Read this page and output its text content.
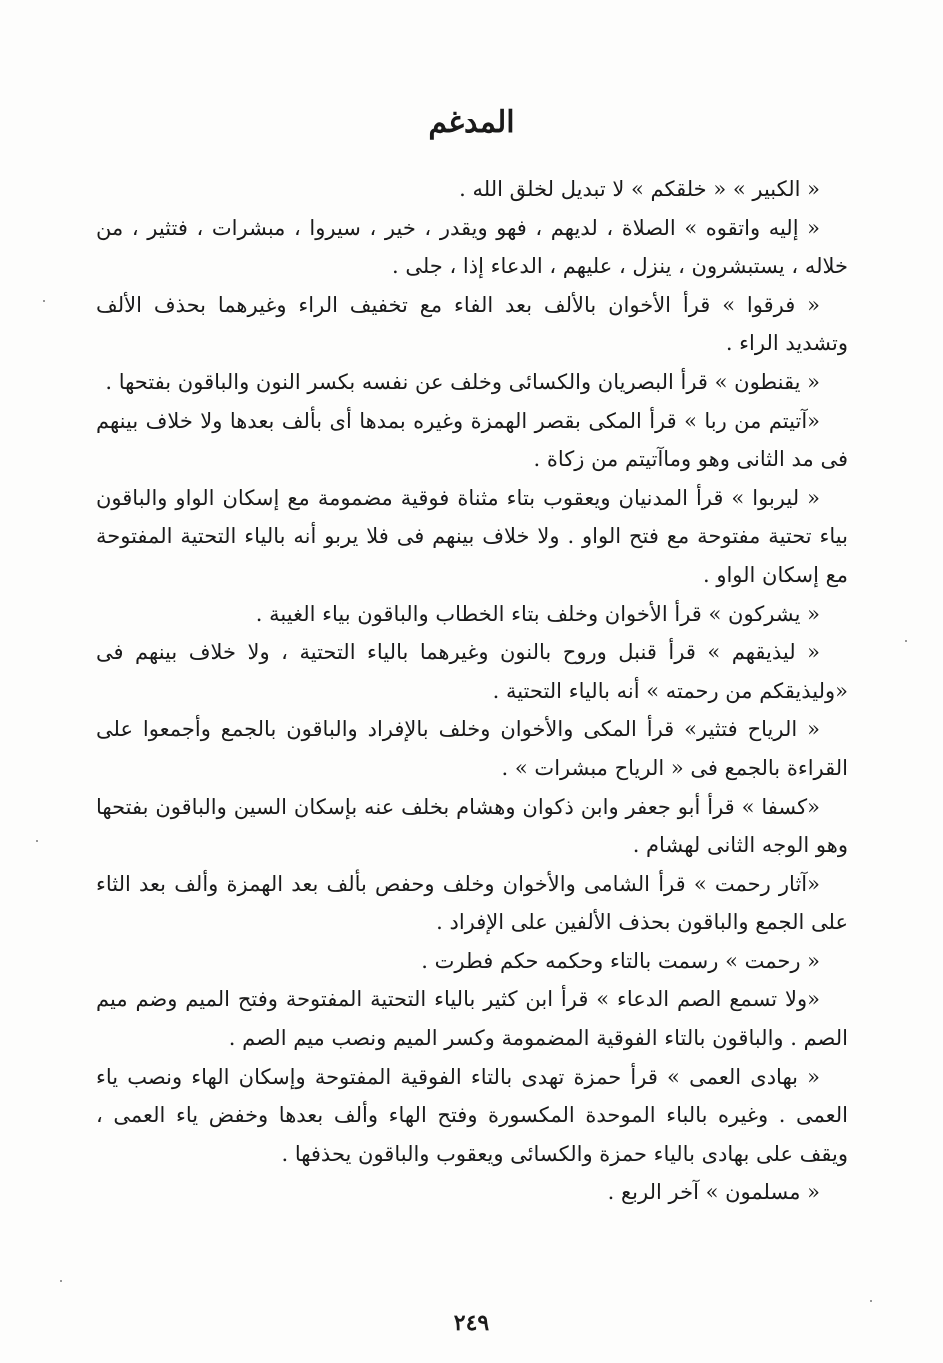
المدغم

« الكبير » « خلقكم » لا تبديل لخلق الله .

« إليه واتقوه » الصلاة ، لديهم ، فهو ويقدر ، خير ، سيروا ، مبشرات ، فتثير ، من خلاله ، يستبشرون ، ينزل ، عليهم ، الدعاء إذا ، جلى .

« فرقوا » قرأ الأخوان بالألف بعد الفاء مع تخفيف الراء وغيرهما بحذف الألف وتشديد الراء .

« يقنطون » قرأ البصريان والكسائى وخلف عن نفسه بكسر النون والباقون بفتحها .

«آتيتم من ربا » قرأ المكى بقصر الهمزة وغيره بمدها أى بألف بعدها ولا خلاف بينهم فى مد الثانى وهو وماآتيتم من زكاة .

« ليربوا » قرأ المدنيان ويعقوب بتاء مثناة فوقية مضمومة مع إسكان الواو والباقون بياء تحتية مفتوحة مع فتح الواو . ولا خلاف بينهم فى فلا يربو أنه بالياء التحتية المفتوحة مع إسكان الواو .

« يشركون » قرأ الأخوان وخلف بتاء الخطاب والباقون بياء الغيبة .

« ليذيقهم » قرأ قنبل وروح بالنون وغيرهما بالياء التحتية ، ولا خلاف بينهم فى «وليذيقكم من رحمته » أنه بالياء التحتية .

« الرياح فتثير» قرأ المكى والأخوان وخلف بالإفراد والباقون بالجمع وأجمعوا على القراءة بالجمع فى « الرياح مبشرات » .

«كسفا » قرأ أبو جعفر وابن ذكوان وهشام بخلف عنه بإسكان السين والباقون بفتحها وهو الوجه الثانى لهشام .

«آثار رحمت » قرأ الشامى والأخوان وخلف وحفص بألف بعد الهمزة وألف بعد الثاء على الجمع والباقون بحذف الألفين على الإفراد .

« رحمت » رسمت بالتاء وحكمه حكم فطرت .

«ولا تسمع الصم الدعاء » قرأ ابن كثير بالياء التحتية المفتوحة وفتح الميم وضم ميم الصم . والباقون بالتاء الفوقية المضمومة وكسر الميم ونصب ميم الصم .

« بهادى العمى » قرأ حمزة تهدى بالتاء الفوقية المفتوحة وإسكان الهاء ونصب ياء العمى . وغيره بالباء الموحدة المكسورة وفتح الهاء وألف بعدها وخفض ياء العمى ، ويقف على بهادى بالياء حمزة والكسائى ويعقوب والباقون يحذفها .

« مسلمون » آخر الربع .

٢٤٩
